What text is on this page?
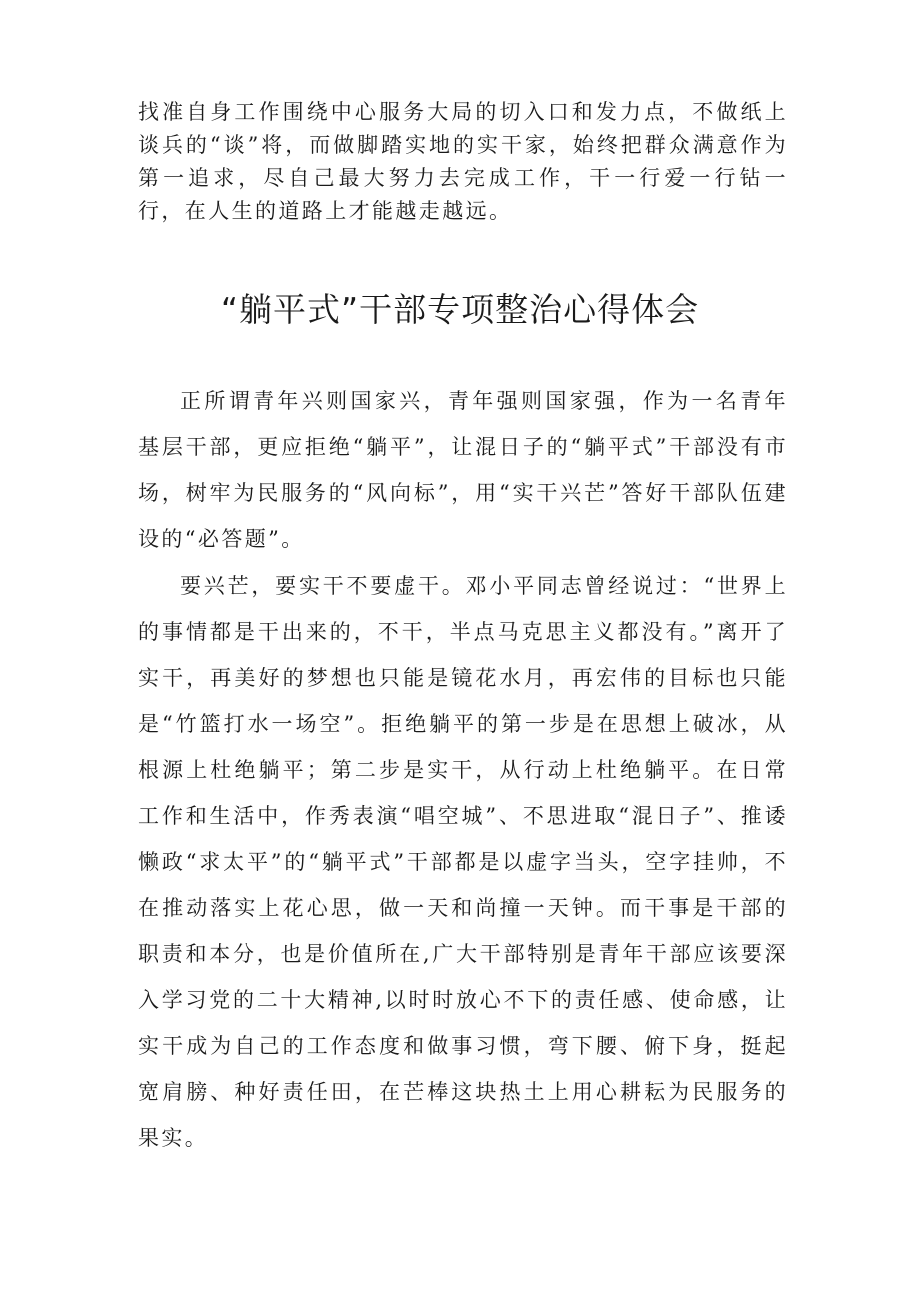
找准自身工作围绕中心服务大局的切入口和发力点，不做纸上谈兵的“谈”将，而做脚踏实地的实干家，始终把群众满意作为第一追求，尽自己最大努力去完成工作，干一行爱一行钻一行，在人生的道路上才能越走越远。

“躺平式”干部专项整治心得体会

正所谓青年兴则国家兴，青年强则国家强，作为一名青年基层干部，更应拒绝“躺平”，让混日子的“躺平式”干部没有市场，树牢为民服务的“风向标”，用“实干兴芒”答好干部队伍建设的“必答题”。

要兴芒，要实干不要虚干。邓小平同志曾经说过：“世界上的事情都是干出来的，不干，半点马克思主义都没有。”离开了实干，再美好的梦想也只能是镜花水月，再宏伟的目标也只能是“竹篮打水一场空”。拒绝躺平的第一步是在思想上破冰，从根源上杜绝躺平；第二步是实干，从行动上杜绝躺平。在日常工作和生活中，作秀表演“唱空城”、不思进取“混日子”、推诿懒政“求太平”的“躺平式”干部都是以虚字当头，空字挂帅，不在推动落实上花心思，做一天和尚撞一天钟。而干事是干部的职责和本分，也是价值所在,广大干部特别是青年干部应该要深入学习党的二十大精神,以时时放心不下的责任感、使命感，让实干成为自己的工作态度和做事习惯，弯下腰、俯下身，挺起宽肩膀、种好责任田，在芒棒这块热土上用心耕耘为民服务的果实。
